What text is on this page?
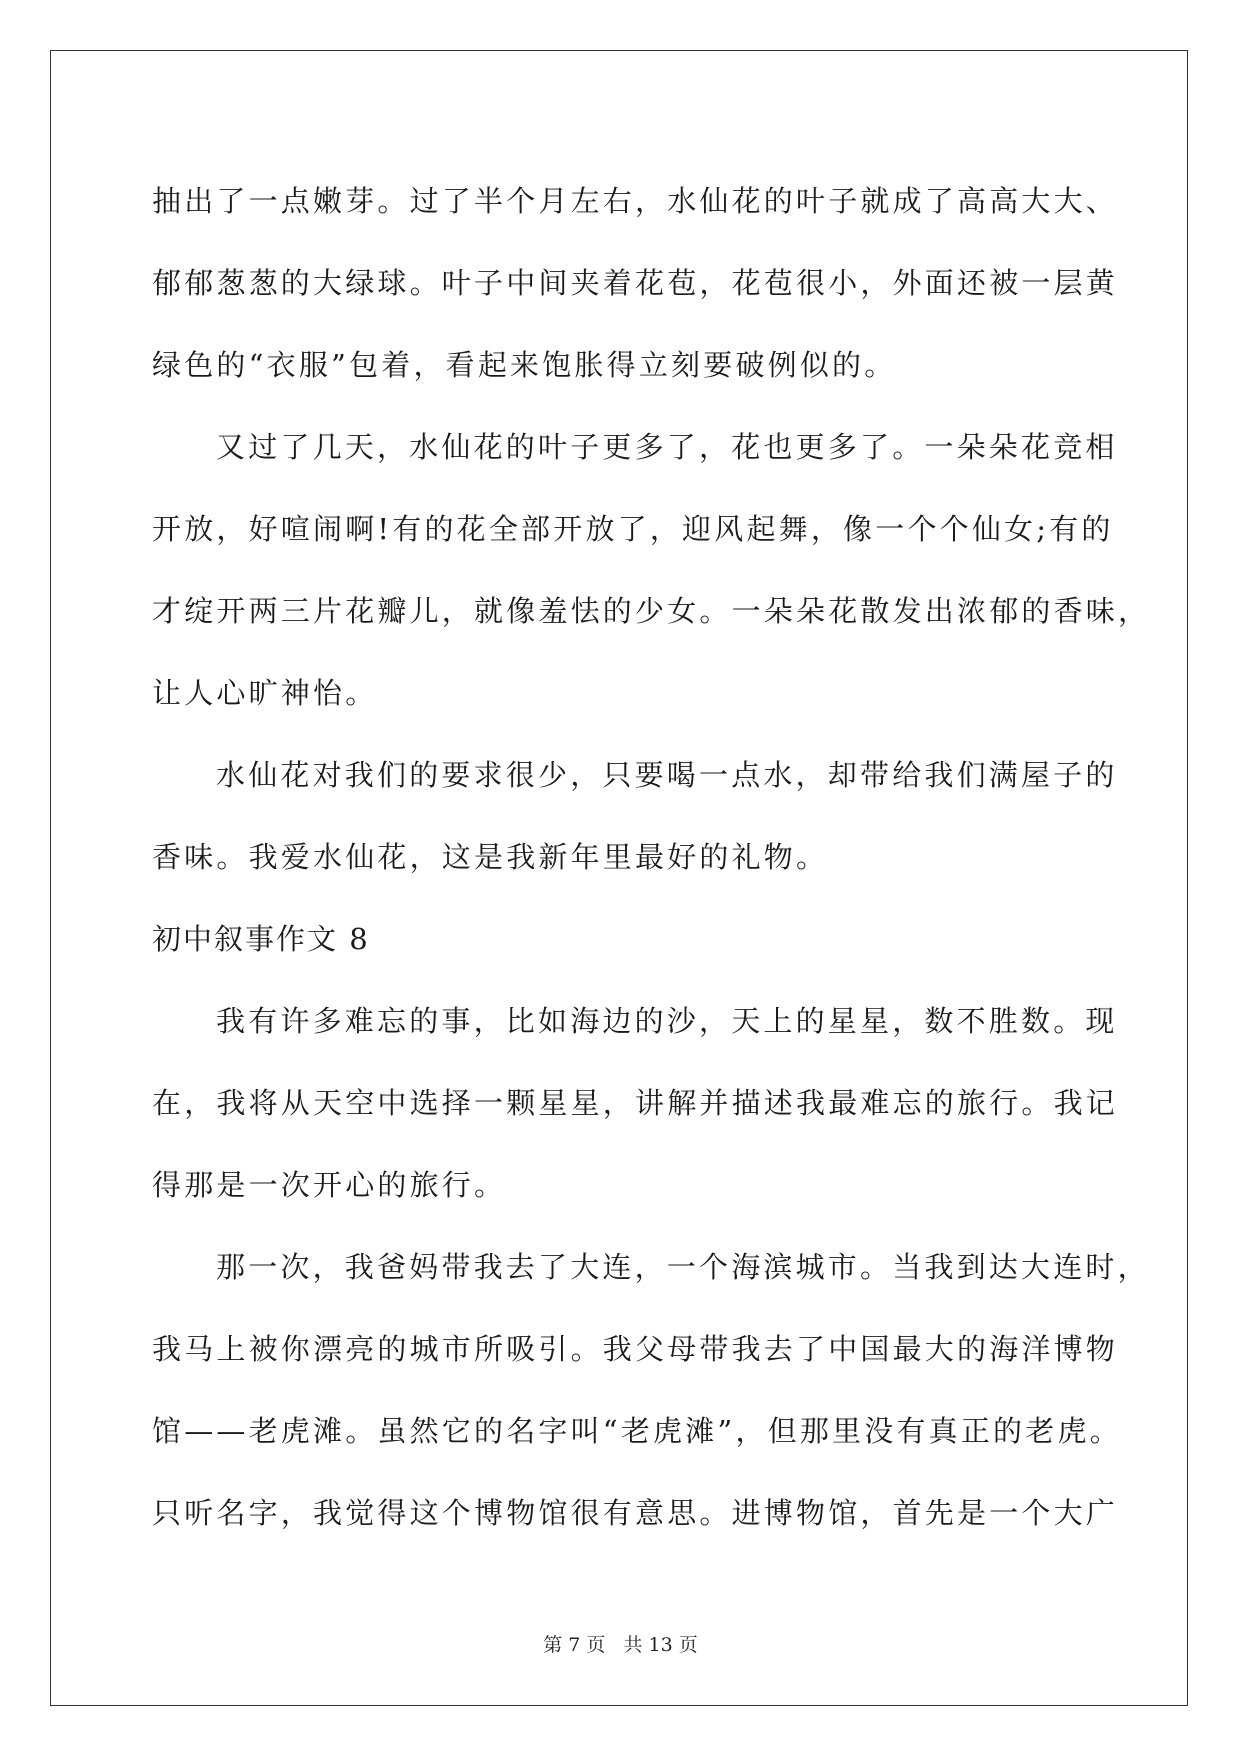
抽出了一点嫩芽。过了半个月左右，水仙花的叶子就成了高高大大、

郁郁葱葱的大绿球。叶子中间夹着花苞，花苞很小，外面还被一层黄

绿色的“衣服”包着，看起来饱胀得立刻要破例似的。

又过了几天，水仙花的叶子更多了，花也更多了。一朵朵花竞相

开放，好喧闹啊!有的花全部开放了，迎风起舞，像一个个仙女;有的

才绽开两三片花瓣儿，就像羞怯的少女。一朵朵花散发出浓郁的香味，

让人心旷神怡。

水仙花对我们的要求很少，只要喝一点水，却带给我们满屋子的

香味。我爱水仙花，这是我新年里最好的礼物。

初中叙事作文 8

我有许多难忘的事，比如海边的沙，天上的星星，数不胜数。现

在，我将从天空中选择一颗星星，讲解并描述我最难忘的旅行。我记

得那是一次开心的旅行。

那一次，我爸妈带我去了大连，一个海滨城市。当我到达大连时，

我马上被你漂亮的城市所吸引。我父母带我去了中国最大的海洋博物

馆——老虎滩。虽然它的名字叫“老虎滩”，但那里没有真正的老虎。

只听名字，我觉得这个博物馆很有意思。进博物馆，首先是一个大广

第 7 页 共 13 页
